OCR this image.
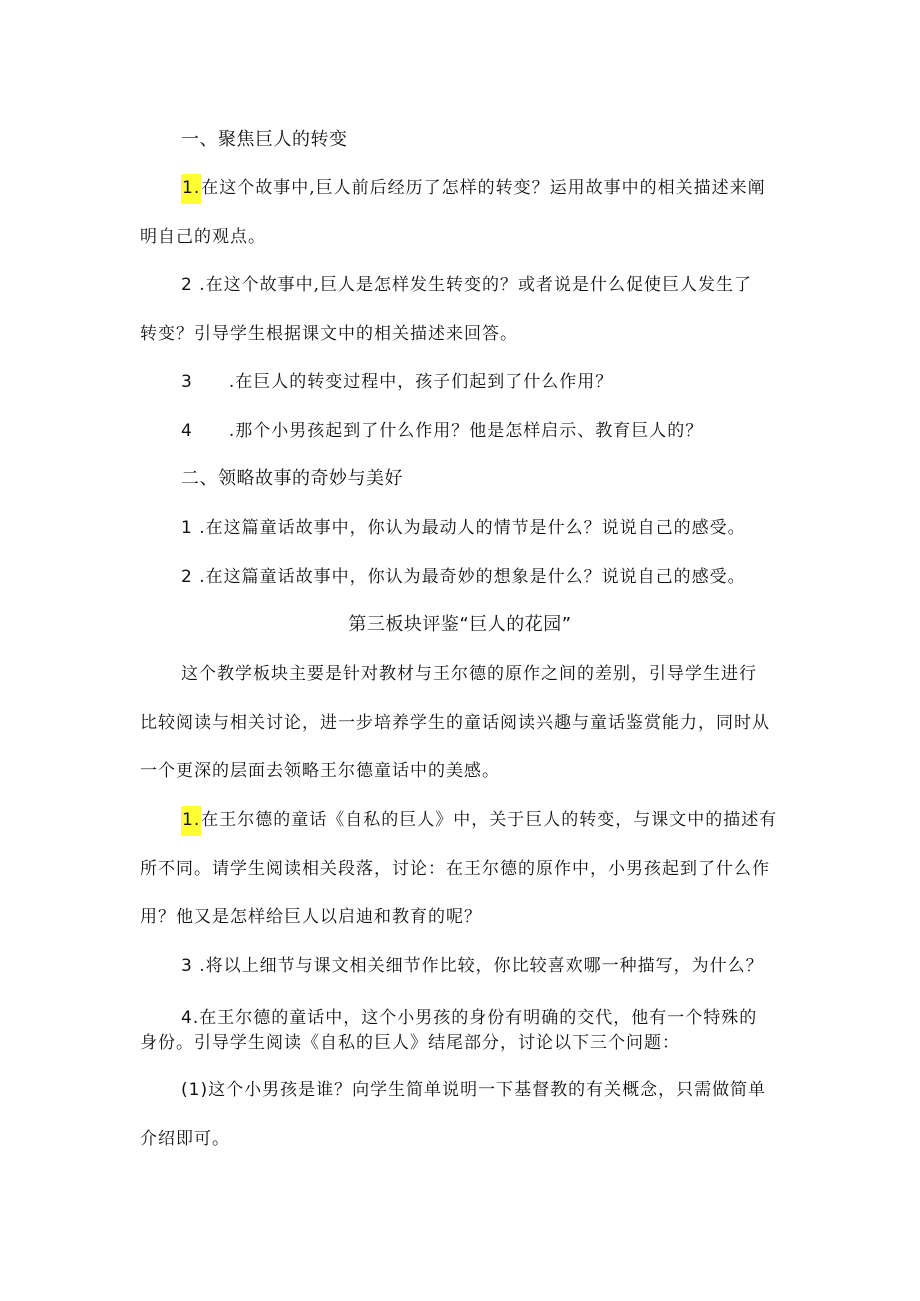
一、聚焦巨人的转变
1.在这个故事中,巨人前后经历了怎样的转变？运用故事中的相关描述来阐
明自己的观点。
2 .在这个故事中,巨人是怎样发生转变的？或者说是什么促使巨人发生了
转变？引导学生根据课文中的相关描述来回答。
3 .在巨人的转变过程中，孩子们起到了什么作用？
4 .那个小男孩起到了什么作用？他是怎样启示、教育巨人的？
二、领略故事的奇妙与美好
1 .在这篇童话故事中，你认为最动人的情节是什么？说说自己的感受。
2 .在这篇童话故事中，你认为最奇妙的想象是什么？说说自己的感受。
第三板块评鉴“巨人的花园”
这个教学板块主要是针对教材与王尔德的原作之间的差别，引导学生进行
比较阅读与相关讨论，进一步培养学生的童话阅读兴趣与童话鉴赏能力，同时从
一个更深的层面去领略王尔德童话中的美感。
1.在王尔德的童话《自私的巨人》中，关于巨人的转变，与课文中的描述有
所不同。请学生阅读相关段落，讨论：在王尔德的原作中，小男孩起到了什么作
用？他又是怎样给巨人以启迪和教育的呢？
3 .将以上细节与课文相关细节作比较，你比较喜欢哪一种描写，为什么？
4.在王尔德的童话中，这个小男孩的身份有明确的交代，他有一个特殊的
身份。引导学生阅读《自私的巨人》结尾部分，讨论以下三个问题：
(1)这个小男孩是谁？向学生简单说明一下基督教的有关概念，只需做简单
介绍即可。
